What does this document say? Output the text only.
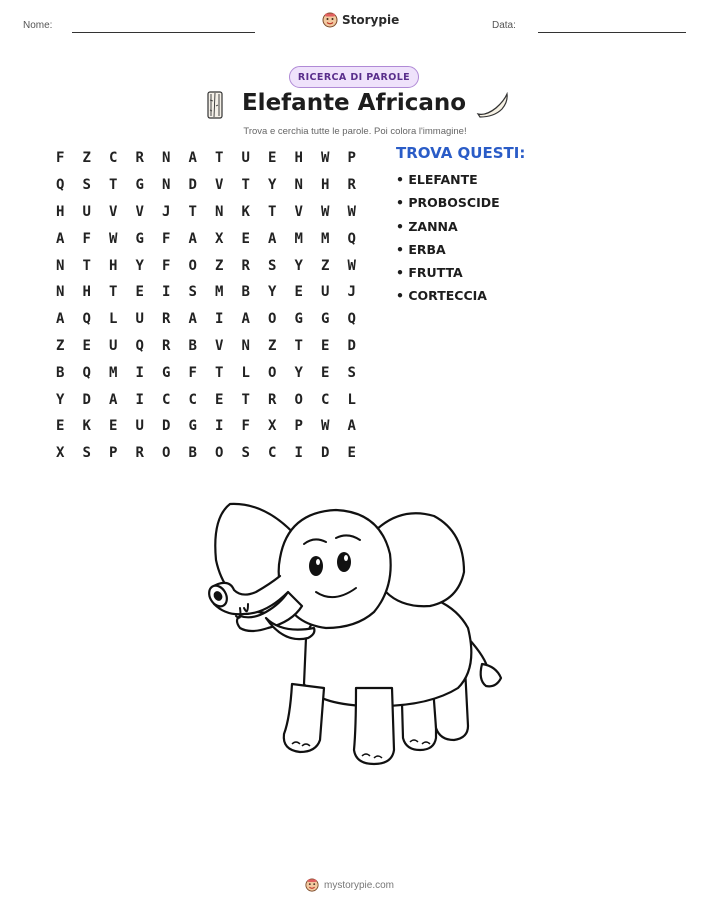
Nome:	Storypie	Data:
RICERCA DI PAROLE
Elefante Africano
Trova e cerchia tutte le parole. Poi colora l'immagine!
F	Z	C	R	N	A	T	U	E	H	W	P
Q	S	T	G	N	D	V	T	Y	N	H	R
H	U	V	V	J	T	N	K	T	V	W	W
A	F	W	G	F	A	X	E	A	M	M	Q
N	T	H	Y	F	O	Z	R	S	Y	Z	W
N	H	T	E	I	S	M	B	Y	E	U	J
A	Q	L	U	R	A	I	A	O	G	G	Q
Z	E	U	Q	R	B	V	N	Z	T	E	D
B	Q	M	I	G	F	T	L	O	Y	E	S
Y	D	A	I	C	C	E	T	R	O	C	L
E	K	E	U	D	G	I	F	X	P	W	A
X	S	P	R	O	B	O	S	C	I	D	E
TROVA QUESTI:
• ELEFANTE
• PROBOSCIDE
• ZANNA
• ERBA
• FRUTTA
• CORTECCIA
mystorypie.com
